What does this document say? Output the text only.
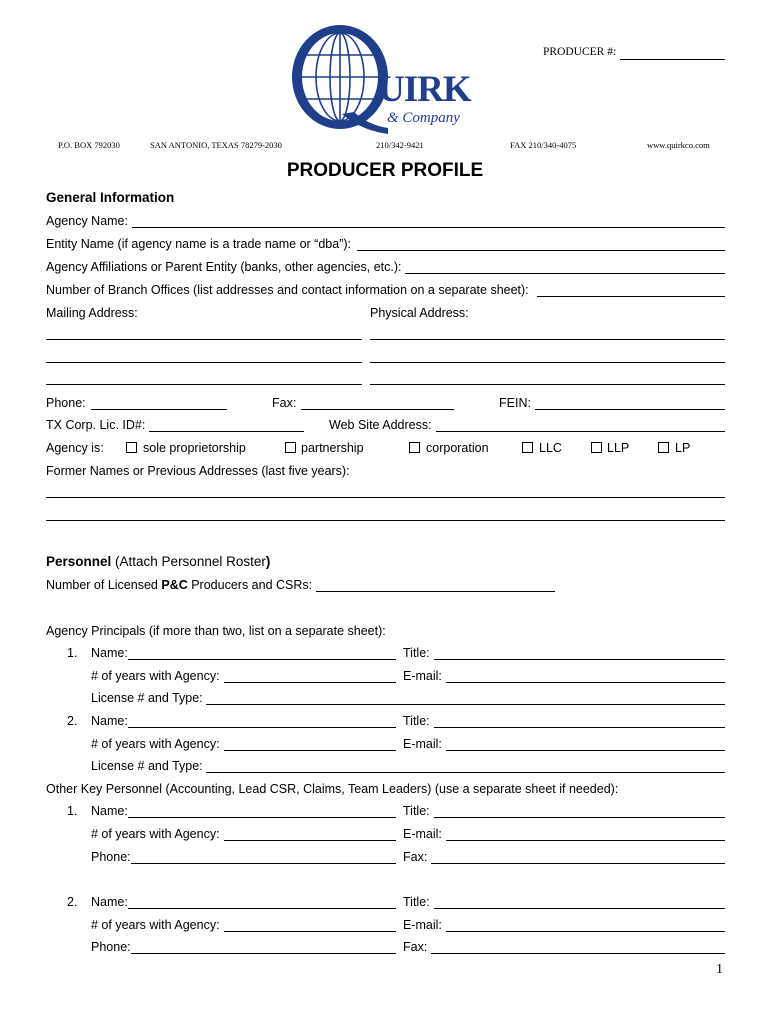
PRODUCER #:
UIRK
& Company
P.O. BOX 792030	SAN ANTONIO, TEXAS 78279-2030	210/342-9421	FAX 210/340-4075	www.quirkco.com
PRODUCER PROFILE
General Information
Agency Name:
Entity Name (if agency name is a trade name or “dba”):
Agency Affiliations or Parent Entity (banks, other agencies, etc.):
Number of Branch Offices (list addresses and contact information on a separate sheet):
Mailing Address:	Physical Address:
Phone:	Fax:	FEIN:
TX Corp. Lic. ID#:	Web Site Address:
Agency is:	sole proprietorship	partnership	corporation	LLC	LLP	LP
Former Names or Previous Addresses (last five years):
Personnel (Attach Personnel Roster)
Number of Licensed P&C Producers and CSRs:
Agency Principals (if more than two, list on a separate sheet):
1. Name:	Title:
# of years with Agency:	E-mail:
License # and Type:
2. Name:	Title:
# of years with Agency:	E-mail:
License # and Type:
Other Key Personnel (Accounting, Lead CSR, Claims, Team Leaders) (use a separate sheet if needed):
1. Name:	Title:
# of years with Agency:	E-mail:
Phone:	Fax:
2. Name:	Title:
# of years with Agency:	E-mail:
Phone:	Fax:
1
